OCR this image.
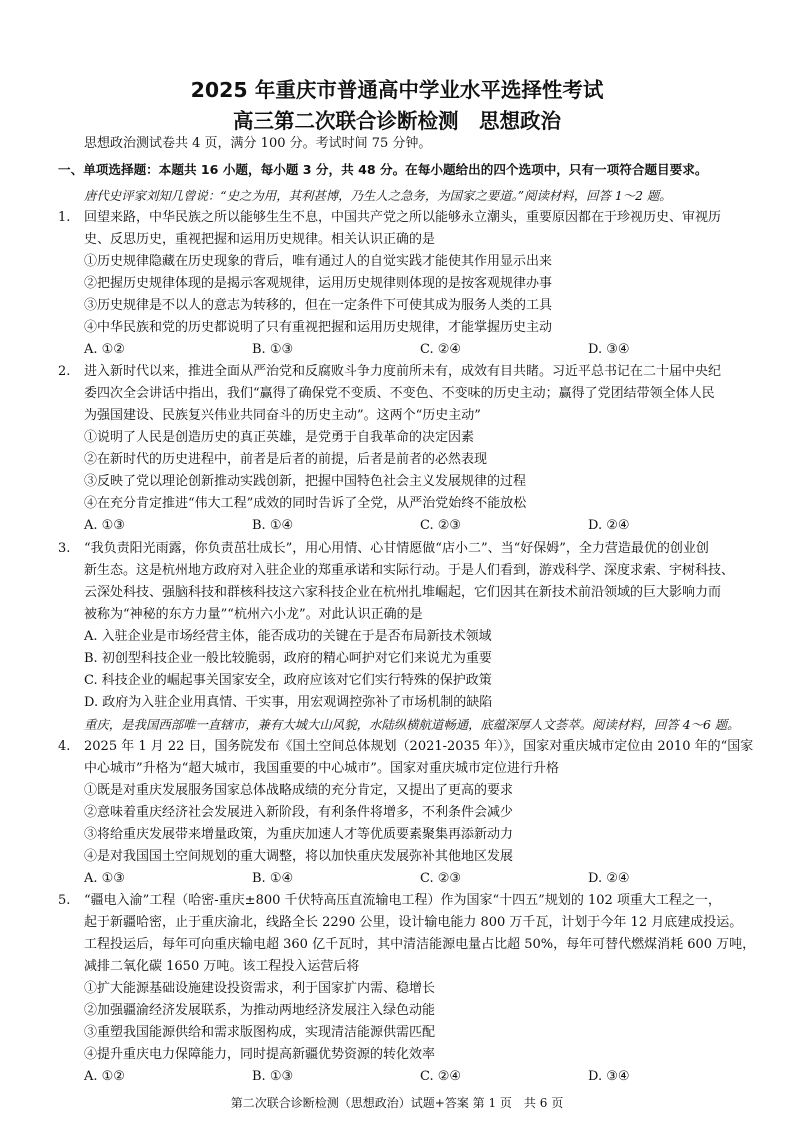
2025 年重庆市普通高中学业水平选择性考试
高三第二次联合诊断检测　思想政治
思想政治测试卷共 4 页，满分 100 分。考试时间 75 分钟。
一、单项选择题：本题共 16 小题，每小题 3 分，共 48 分。在每小题给出的四个选项中，只有一项符合题目要求。
唐代史评家刘知几曾说：“史之为用，其利甚博，乃生人之急务，为国家之要道。”阅读材料，回答 1～2 题。
1. 回望来路，中华民族之所以能够生生不息，中国共产党之所以能够永立潮头，重要原因都在于珍视历史、审视历
史、反思历史，重视把握和运用历史规律。相关认识正确的是
①历史规律隐藏在历史现象的背后，唯有通过人的自觉实践才能使其作用显示出来
②把握历史规律体现的是揭示客观规律，运用历史规律则体现的是按客观规律办事
③历史规律是不以人的意志为转移的，但在一定条件下可使其成为服务人类的工具
④中华民族和党的历史都说明了只有重视把握和运用历史规律，才能掌握历史主动
A. ①②	B. ①③	C. ②④	D. ③④
2. 进入新时代以来，推进全面从严治党和反腐败斗争力度前所未有，成效有目共睹。习近平总书记在二十届中央纪
委四次全会讲话中指出，我们“赢得了确保党不变质、不变色、不变味的历史主动；赢得了党团结带领全体人民
为强国建设、民族复兴伟业共同奋斗的历史主动”。这两个“历史主动”
①说明了人民是创造历史的真正英雄，是党勇于自我革命的决定因素
②在新时代的历史进程中，前者是后者的前提，后者是前者的必然表现
③反映了党以理论创新推动实践创新，把握中国特色社会主义发展规律的过程
④在充分肯定推进“伟大工程”成效的同时告诉了全党，从严治党始终不能放松
A. ①③	B. ①④	C. ②③	D. ②④
3. “我负责阳光雨露，你负责茁壮成长”，用心用情、心甘情愿做“店小二”、当“好保姆”，全力营造最优的创业创
新生态。这是杭州地方政府对入驻企业的郑重承诺和实际行动。于是人们看到，游戏科学、深度求索、宇树科技、
云深处科技、强脑科技和群核科技这六家科技企业在杭州扎堆崛起，它们因其在新技术前沿领域的巨大影响力而
被称为“神秘的东方力量”“杭州六小龙”。对此认识正确的是
A. 入驻企业是市场经营主体，能否成功的关键在于是否布局新技术领域
B. 初创型科技企业一般比较脆弱，政府的精心呵护对它们来说尤为重要
C. 科技企业的崛起事关国家安全，政府应该对它们实行特殊的保护政策
D. 政府为入驻企业用真情、干实事，用宏观调控弥补了市场机制的缺陷
重庆，是我国西部唯一直辖市，兼有大城大山风貌，水陆纵横航道畅通，底蕴深厚人文荟萃。阅读材料，回答 4～6 题。
4. 2025 年 1 月 22 日，国务院发布《国土空间总体规划（2021-2035 年）》，国家对重庆城市定位由 2010 年的“国家
中心城市”升格为“超大城市，我国重要的中心城市”。国家对重庆城市定位进行升格
①既是对重庆发展服务国家总体战略成绩的充分肯定，又提出了更高的要求
②意味着重庆经济社会发展进入新阶段，有利条件将增多，不利条件会减少
③将给重庆发展带来增量政策，为重庆加速人才等优质要素聚集再添新动力
④是对我国国土空间规划的重大调整，将以加快重庆发展弥补其他地区发展
A. ①③	B. ①④	C. ②③	D. ②④
5. “疆电入渝”工程（哈密-重庆±800 千伏特高压直流输电工程）作为国家“十四五”规划的 102 项重大工程之一，
起于新疆哈密，止于重庆渝北，线路全长 2290 公里，设计输电能力 800 万千瓦，计划于今年 12 月底建成投运。
工程投运后，每年可向重庆输电超 360 亿千瓦时，其中清洁能源电量占比超 50%，每年可替代燃煤消耗 600 万吨，
减排二氧化碳 1650 万吨。该工程投入运营后将
①扩大能源基础设施建设投资需求，利于国家扩内需、稳增长
②加强疆渝经济发展联系，为推动两地经济发展注入绿色动能
③重塑我国能源供给和需求版图构成，实现清洁能源供需匹配
④提升重庆电力保障能力，同时提高新疆优势资源的转化效率
A. ①②	B. ①③	C. ②④	D. ③④
第二次联合诊断检测（思想政治）试题+答案 第 1 页　共 6 页
